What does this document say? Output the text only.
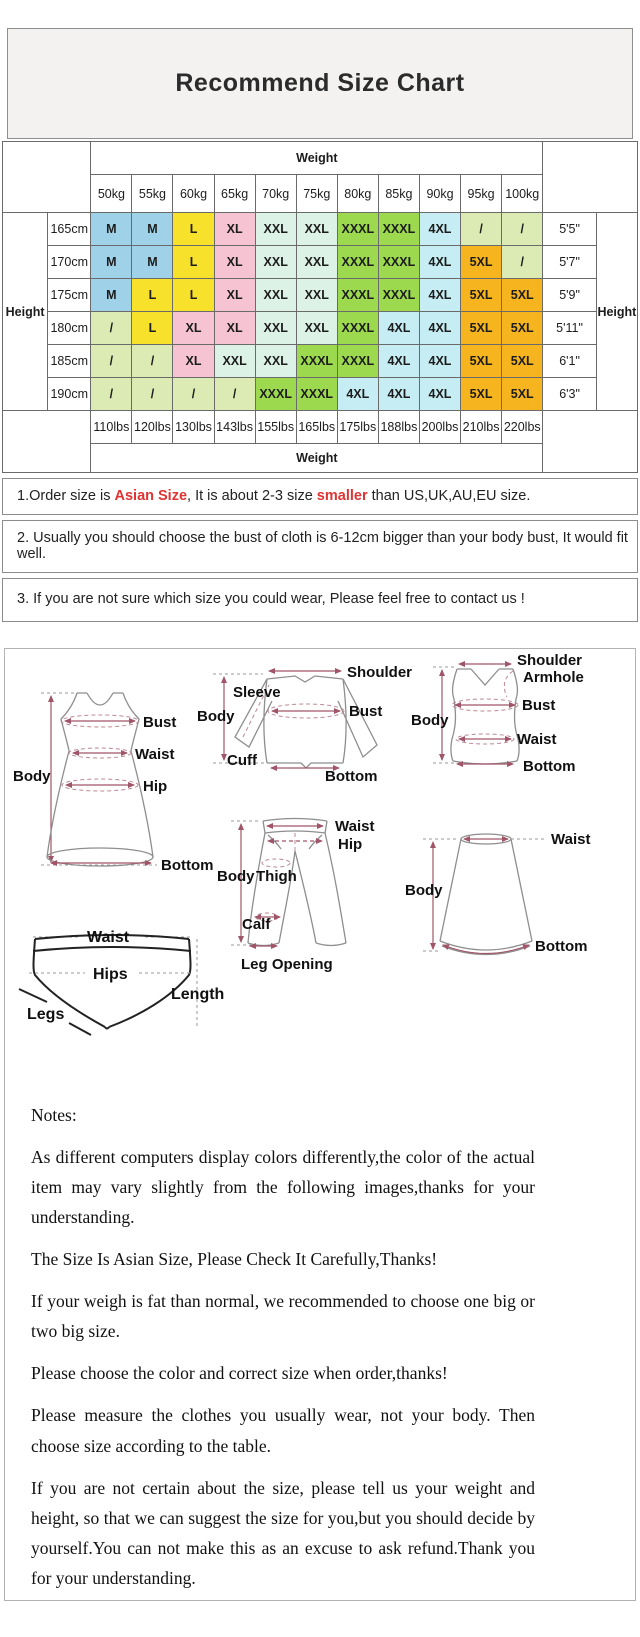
Recommend Size Chart
		Weight												
		50kg	55kg	60kg	65kg	70kg	75kg	80kg	85kg	90kg	95kg	100kg		
Height	165cm	M	M	L	XL	XXL	XXL	XXXL	XXXL	4XL	/	/	5'5"	Height
	170cm	M	M	L	XL	XXL	XXL	XXXL	XXXL	4XL	5XL	/	5'7"	
	175cm	M	L	L	XL	XXL	XXL	XXXL	XXXL	4XL	5XL	5XL	5'9"	
	180cm	/	L	XL	XL	XXL	XXL	XXXL	4XL	4XL	5XL	5XL	5'11"	
	185cm	/	/	XL	XXL	XXL	XXXL	XXXL	4XL	4XL	5XL	5XL	6'1"	
	190cm	/	/	/	/	XXXL	XXXL	4XL	4XL	4XL	5XL	5XL	6'3"	
		110lbs	120lbs	130lbs	143lbs	155lbs	165lbs	175lbs	188lbs	200lbs	210lbs	220lbs		
		Weight												
1.Order size is Asian Size, It is about 2-3 size smaller than US,UK,AU,EU size.
2. Usually you should choose the bust of cloth is 6-12cm bigger than your body bust, It would fit well.
3. If you are not sure which size you could wear, Please feel free to contact us !
Body
Bust
Waist
Hip
Bottom
Shoulder
Sleeve
Body	Bust
Cuff
Bottom
Shoulder
Armhole
Body
Bust
Waist
Bottom
Waist
Hip
Body Thigh
Calf
Leg Opening
Waist
Body
Bottom
Waist
Hips
Legs
Length

Notes:

As different computers display colors differently,the color of the actual item may vary slightly from the following images,thanks for your understanding.

The Size Is Asian Size, Please Check It Carefully,Thanks!

If your weigh is fat than normal, we recommended to choose one big or two big size.

Please choose the color and correct size when order,thanks!

Please measure the clothes you usually wear, not your body. Then choose size according to the table.

If you are not certain about the size, please tell us your weight and height, so that we can suggest the size for you,but you should decide by yourself.You can not make this as an excuse to ask refund.Thank you for your understanding.
